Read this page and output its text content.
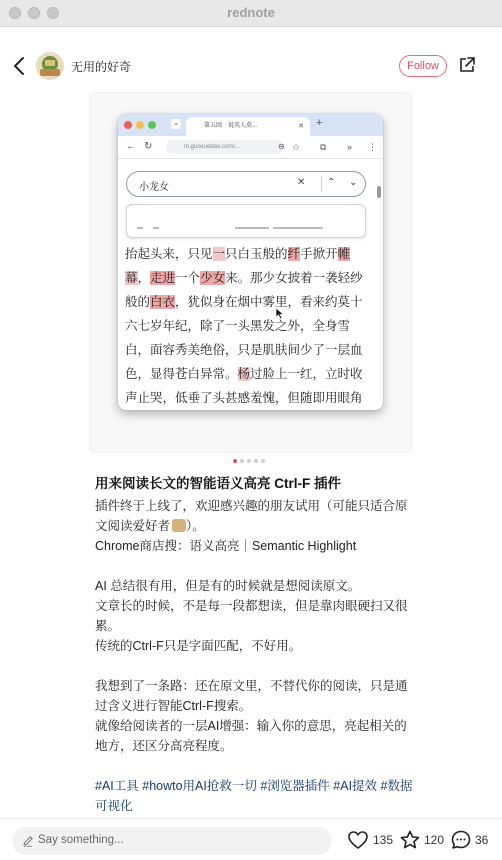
rednote
无用的好奇	Follow
⌄	第五回　说英人莫…	✕ +
← ↻	m.guoxuebao.com/...	⊖ ☆ ⧉ » ⋮

小龙女	✕ ⌃ ⌄
抬起头来，只见一只白玉般的纤手掀开帷
幕，走进一个少女来。那少女披着一袭轻纱
般的白衣，犹似身在烟中雾里，看来约莫十
六七岁年纪，除了一头黑发之外，全身雪
白，面容秀美绝俗，只是肌肤间少了一层血
色，显得苍白异常。杨过脸上一红，立时收
声止哭，低垂了头甚感羞愧，但随即用眼角
用来阅读长文的智能语义高亮 Ctrl-F 插件

插件终于上线了，欢迎感兴趣的朋友试用（可能只适合原文阅读爱好者 ）。

Chrome商店搜：语义高亮｜Semantic Highlight

AI 总结很有用，但是有的时候就是想阅读原文。

文章长的时候，不是每一段都想读，但是靠肉眼硬扫又很累。

传统的Ctrl-F只是字面匹配，不好用。

我想到了一条路：还在原文里，不替代你的阅读，只是通过含义进行智能Ctrl-F搜索。

就像给阅读者的一层AI增强：输入你的意思，亮起相关的地方，还区分高亮程度。

#AI工具 #howto用AI抢救一切 #浏览器插件 #AI提效 #数据可视化

Say something...	135	120	36
